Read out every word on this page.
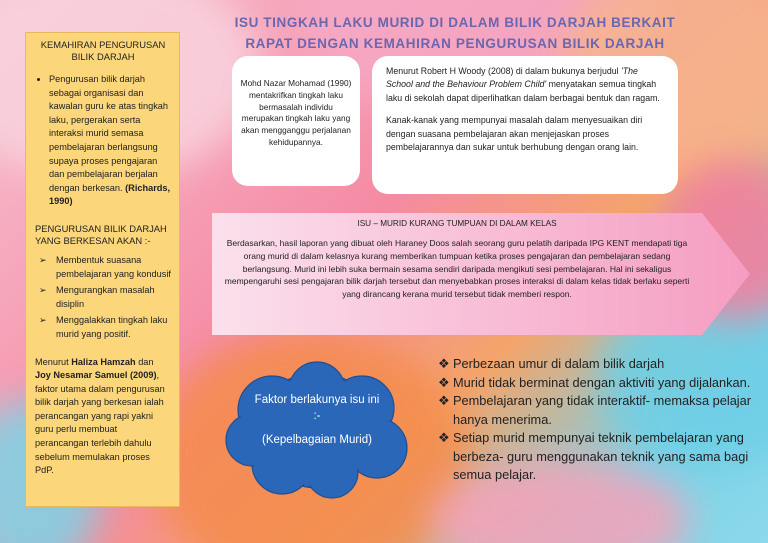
ISU TINGKAH LAKU MURID DI DALAM BILIK DARJAH BERKAIT
RAPAT DENGAN KEMAHIRAN PENGURUSAN BILIK DARJAH
KEMAHIRAN PENGURUSAN BILIK DARJAH
• Pengurusan bilik darjah sebagai organisasi dan kawalan guru ke atas tingkah laku, pergerakan serta interaksi murid semasa pembelajaran berlangsung supaya proses pengajaran dan pembelajaran berjalan dengan berkesan. (Richards, 1990)
PENGURUSAN BILIK DARJAH YANG BERKESAN AKAN :-
➢ Membentuk suasana pembelajaran yang kondusif
➢ Mengurangkan masalah disiplin
➢ Menggalakkan tingkah laku murid yang positif.
Menurut Haliza Hamzah dan Joy Nesamar Samuel (2009), faktor utama dalam pengurusan bilik darjah yang berkesan ialah perancangan yang rapi yakni guru perlu membuat perancangan terlebih dahulu sebelum memulakan proses PdP.
Mohd Nazar Mohamad (1990) mentakrifkan tingkah laku bermasalah individu merupakan tingkah laku yang akan mengganggu perjalanan kehidupannya.

Menurut Robert H Woody (2008) di dalam bukunya berjudul 'The School and the Behaviour Problem Child' menyatakan semua tingkah laku di sekolah dapat diperlihatkan dalam berbagai bentuk dan ragam.

Kanak-kanak yang mempunyai masalah dalam menyesuaikan diri dengan suasana pembelajaran akan menjejaskan proses pembelajarannya dan sukar untuk berhubung dengan orang lain.

ISU – MURID KURANG TUMPUAN DI DALAM KELAS
Berdasarkan, hasil laporan yang dibuat oleh Haraney Doos salah seorang guru pelatih daripada IPG KENT mendapati tiga orang murid di dalam kelasnya kurang memberikan tumpuan ketika proses pengajaran dan pembelajaran sedang berlangsung. Murid ini lebih suka bermain sesama sendiri daripada mengikuti sesi pembelajaran. Hal ini sekaligus mempengaruhi sesi pengajaran bilik darjah tersebut dan menyebabkan proses interaksi di dalam kelas tidak berlaku seperti yang dirancang kerana murid tersebut tidak memberi respon.
Faktor berlakunya isu ini :-
(Kepelbagaian Murid)
❖ Perbezaan umur di dalam bilik darjah
❖ Murid tidak berminat dengan aktiviti yang dijalankan.
❖ Pembelajaran yang tidak interaktif- memaksa pelajar hanya menerima.
❖ Setiap murid mempunyai teknik pembelajaran yang berbeza- guru menggunakan teknik yang sama bagi semua pelajar.
